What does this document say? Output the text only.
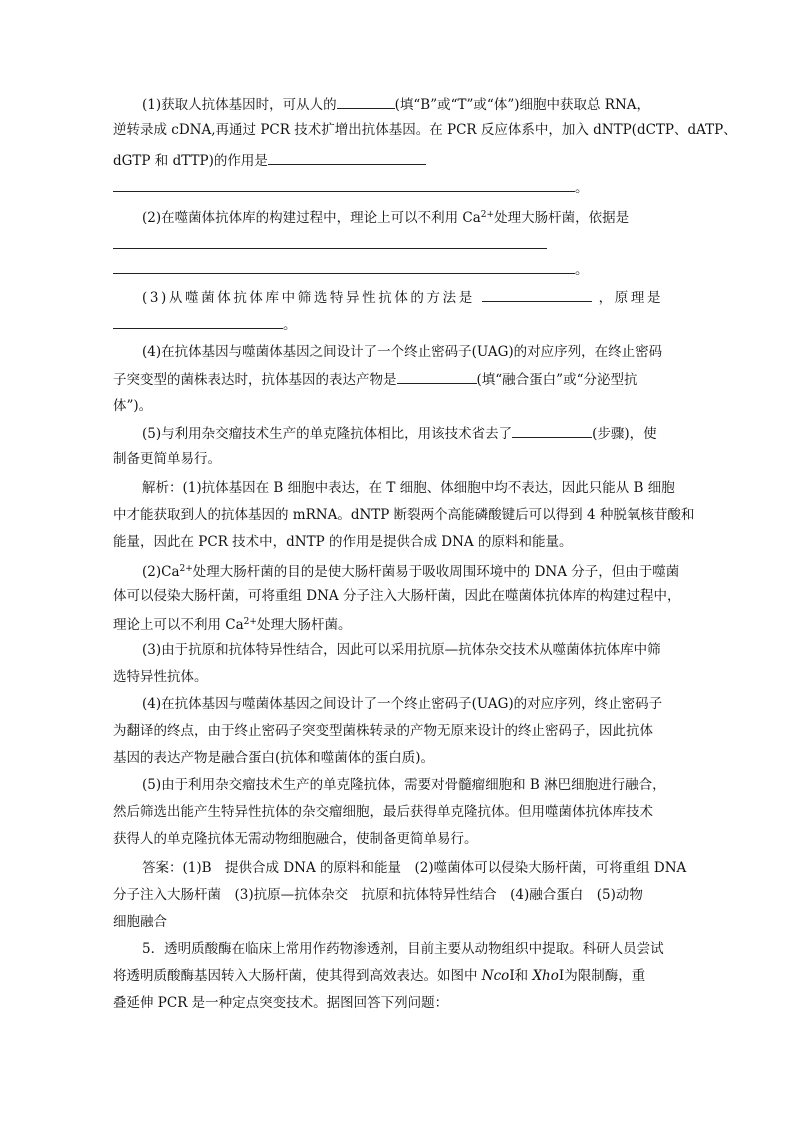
(1)获取人抗体基因时，可从人的	(填“B”或“T”或“体”)细胞中获取总 RNA，
逆转录成 cDNA,再通过 PCR 技术扩增出抗体基因。在 PCR 反应体系中，加入 dNTP(dCTP、dATP、
dGTP 和 dTTP)的作用是
。
(2)在噬菌体抗体库的构建过程中，理论上可以不利用 $Ca^{2+}$处理大肠杆菌，依据是
。
(3)从噬菌体抗体库中筛选特异性抗体的方法是	，原理是
。
(4)在抗体基因与噬菌体基因之间设计了一个终止密码子(UAG)的对应序列，在终止密码
子突变型的菌株表达时，抗体基因的表达产物是	(填“融合蛋白”或“分泌型抗
体”)。
(5)与利用杂交瘤技术生产的单克隆抗体相比，用该技术省去了	(步骤)，使
制备更简单易行。
解析：(1)抗体基因在 B 细胞中表达，在 T 细胞、体细胞中均不表达，因此只能从 B 细胞
中才能获取到人的抗体基因的 mRNA。dNTP 断裂两个高能磷酸键后可以得到 4 种脱氧核苷酸和
能量，因此在 PCR 技术中，dNTP 的作用是提供合成 DNA 的原料和能量。
$(2)Ca^{2+}$处理大肠杆菌的目的是使大肠杆菌易于吸收周围环境中的 DNA 分子，但由于噬菌
体可以侵染大肠杆菌，可将重组 DNA 分子注入大肠杆菌，因此在噬菌体抗体库的构建过程中，
理论上可以不利用 $Ca^{2+}$处理大肠杆菌。
(3)由于抗原和抗体特异性结合，因此可以采用抗原—抗体杂交技术从噬菌体抗体库中筛
选特异性抗体。
(4)在抗体基因与噬菌体基因之间设计了一个终止密码子(UAG)的对应序列，终止密码子
为翻译的终点，由于终止密码子突变型菌株转录的产物无原来设计的终止密码子，因此抗体
基因的表达产物是融合蛋白(抗体和噬菌体的蛋白质)。
(5)由于利用杂交瘤技术生产的单克隆抗体，需要对骨髓瘤细胞和 B 淋巴细胞进行融合，
然后筛选出能产生特异性抗体的杂交瘤细胞，最后获得单克隆抗体。但用噬菌体抗体库技术
获得人的单克隆抗体无需动物细胞融合，使制备更简单易行。
答案：(1)B　提供合成 DNA 的原料和能量　(2)噬菌体可以侵染大肠杆菌，可将重组 DNA
分子注入大肠杆菌　(3)抗原—抗体杂交　抗原和抗体特异性结合　(4)融合蛋白　(5)动物
细胞融合
5．透明质酸酶在临床上常用作药物渗透剂，目前主要从动物组织中提取。科研人员尝试
将透明质酸酶基因转入大肠杆菌，使其得到高效表达。如图中 NcoⅠ和 XhoⅠ为限制酶，重
叠延伸 PCR 是一种定点突变技术。据图回答下列问题：
